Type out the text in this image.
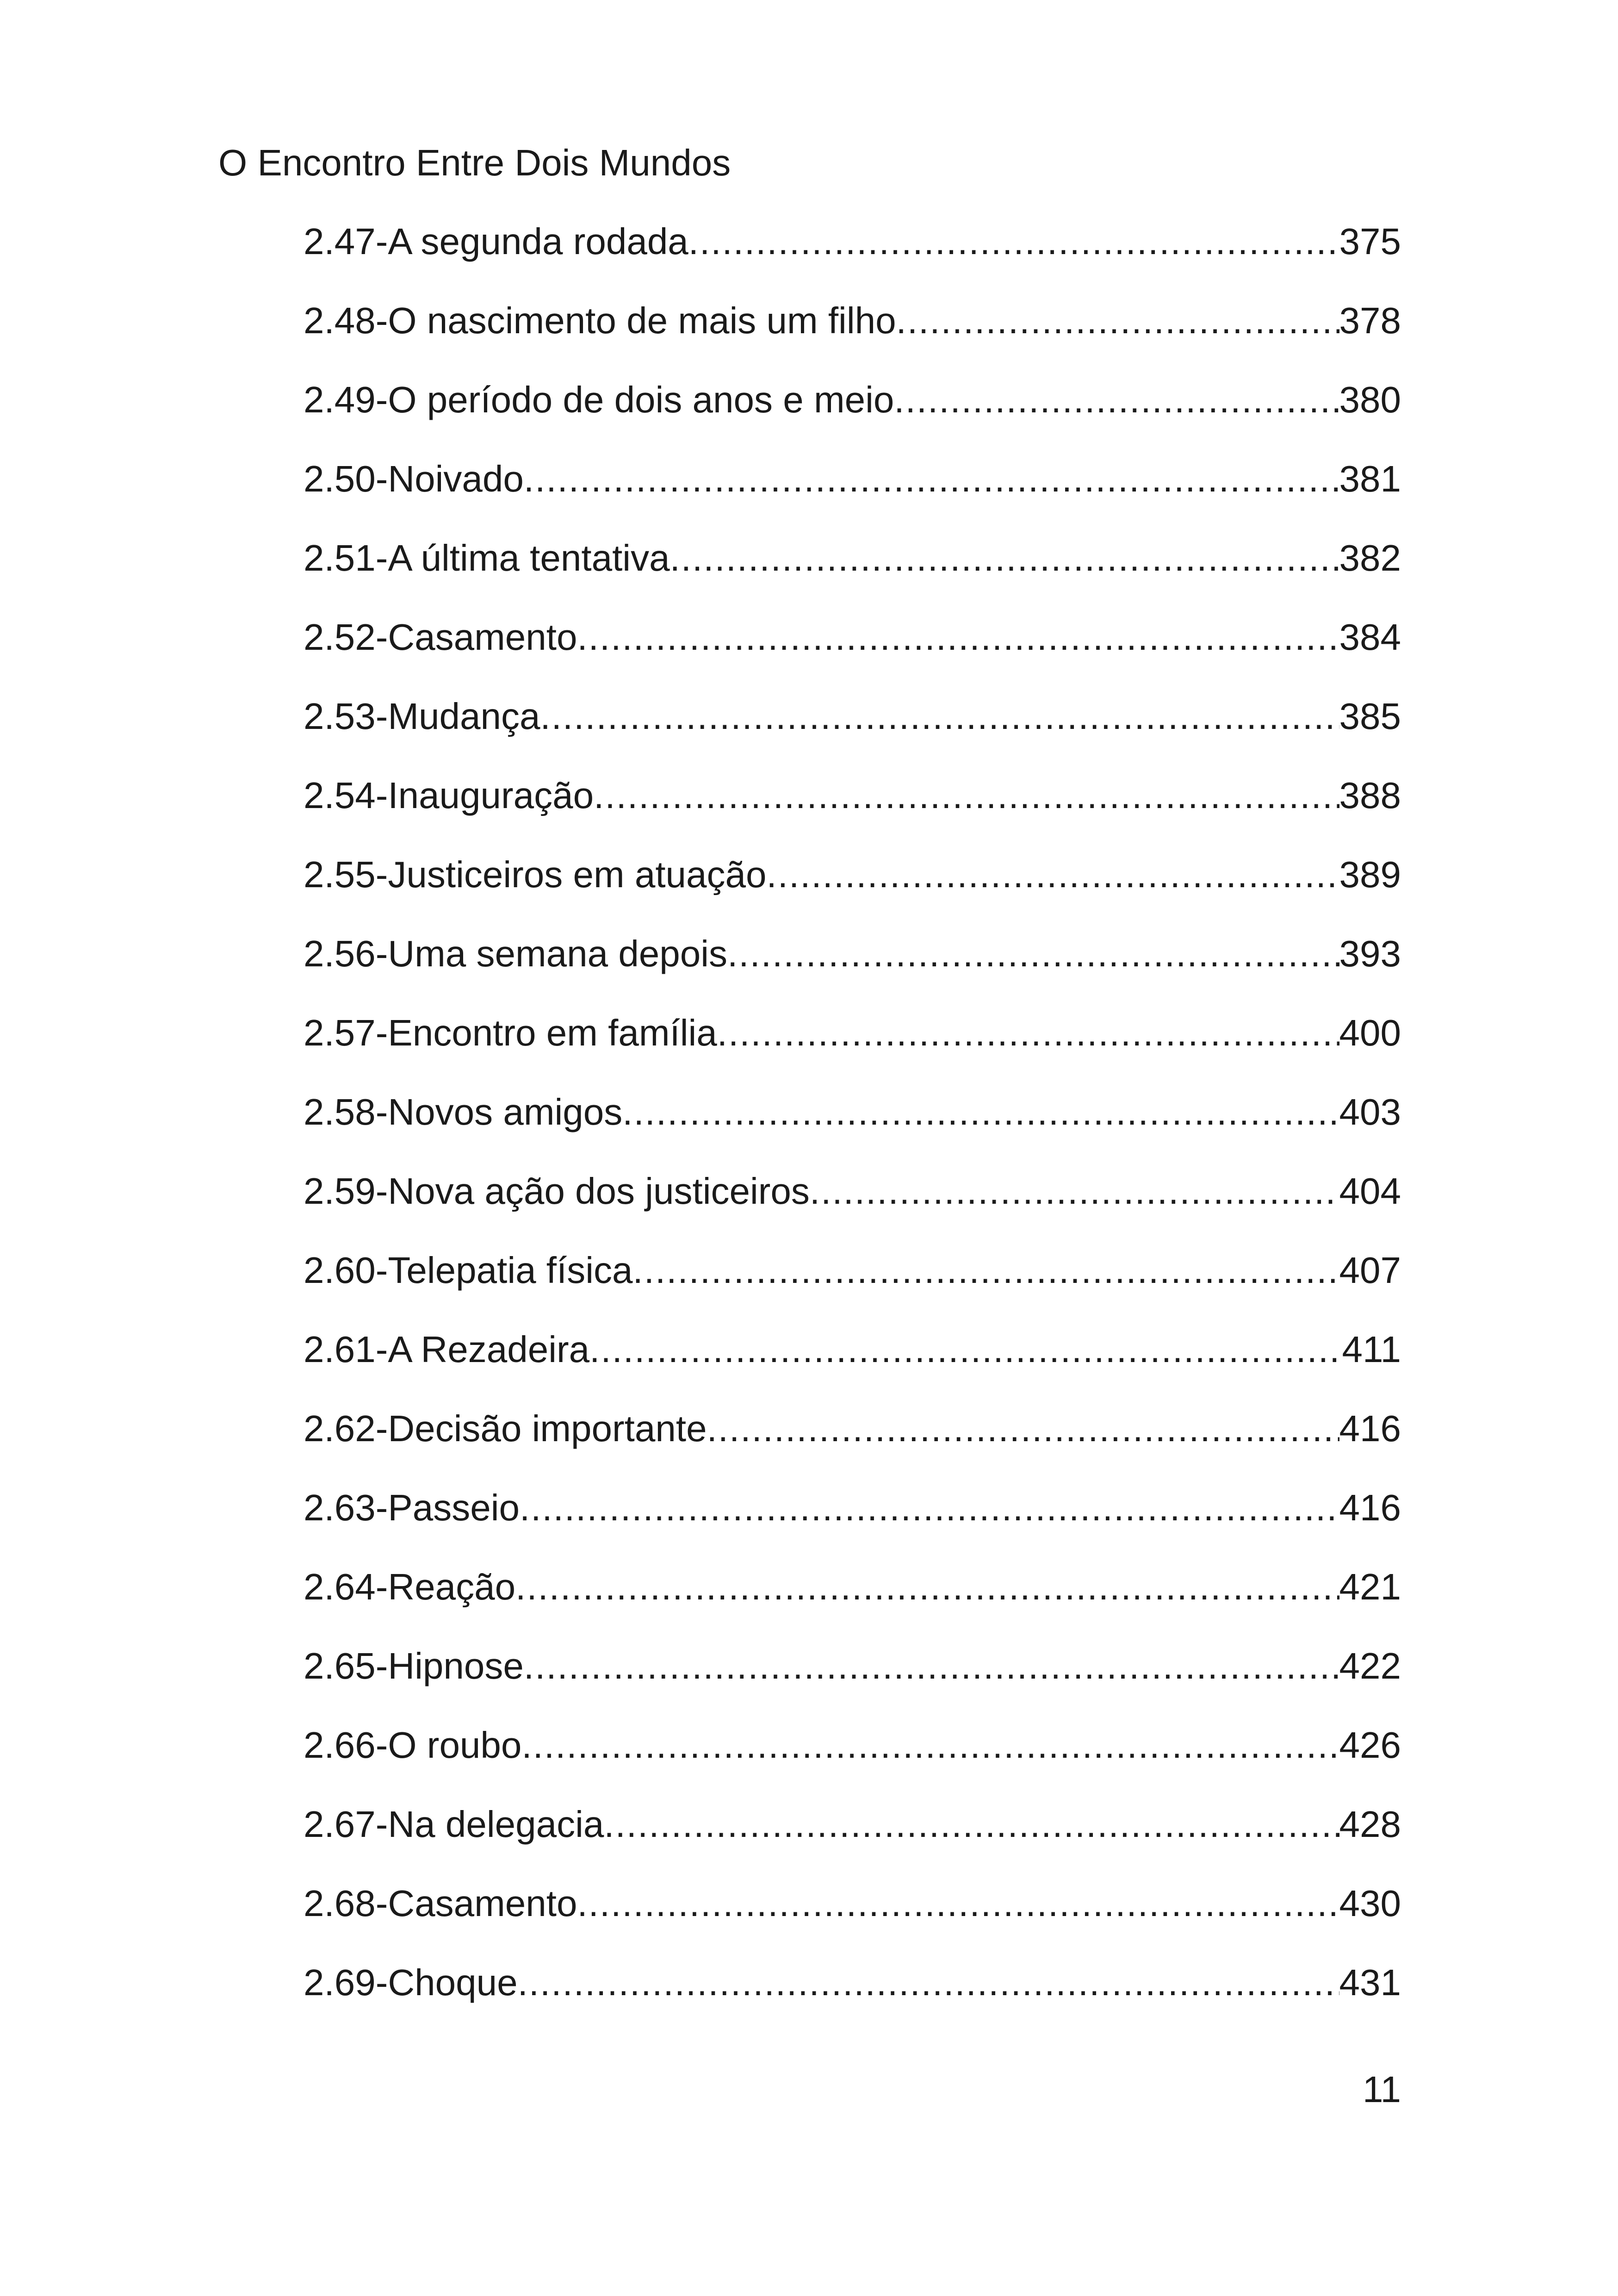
O Encontro Entre Dois Mundos
2.47-A segunda rodada .....	375
2.48-O nascimento de mais um filho .....	378
2.49-O período de dois anos e meio .....	380
2.50-Noivado .....	381
2.51-A última tentativa .....	382
2.52-Casamento .....	384
2.53-Mudança .....	385
2.54-Inauguração .....	388
2.55-Justiceiros em atuação .....	389
2.56-Uma semana depois .....	393
2.57-Encontro em família .....	400
2.58-Novos amigos .....	403
2.59-Nova ação dos justiceiros .....	404
2.60-Telepatia física .....	407
2.61-A Rezadeira .....	411
2.62-Decisão importante .....	416
2.63-Passeio .....	416
2.64-Reação .....	421
2.65-Hipnose .....	422
2.66-O roubo .....	426
2.67-Na delegacia .....	428
2.68-Casamento .....	430
2.69-Choque .....	431
11
